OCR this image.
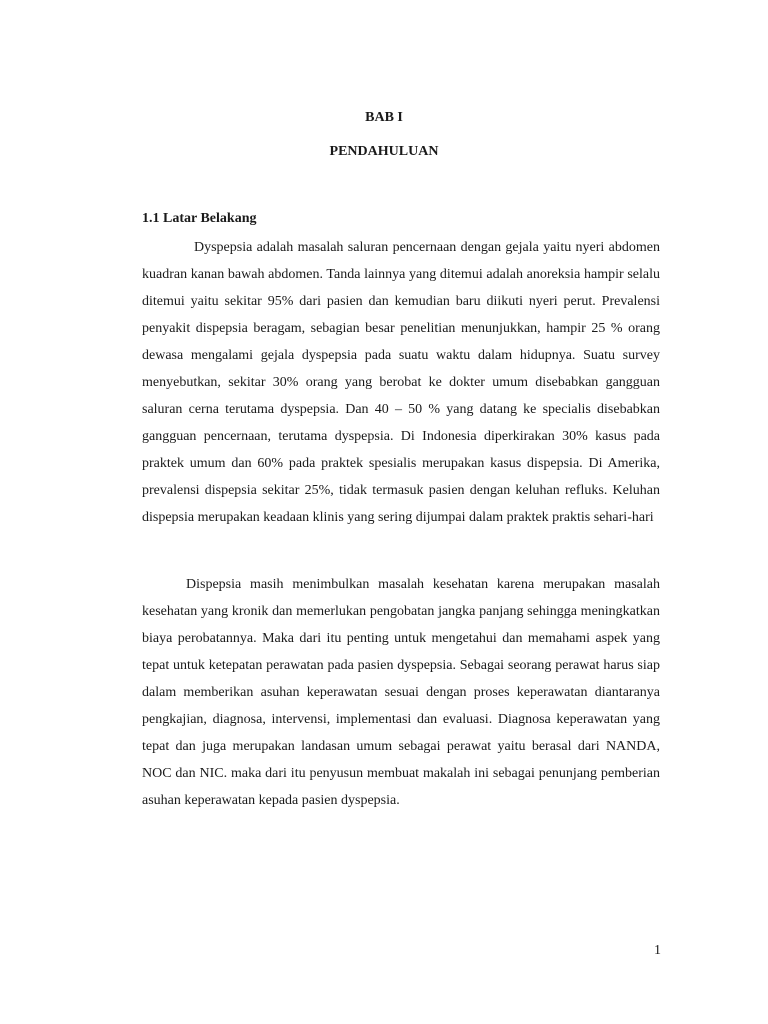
BAB I
PENDAHULUAN
1.1 Latar Belakang

Dyspepsia adalah masalah saluran pencernaan dengan gejala yaitu nyeri abdomen kuadran kanan bawah abdomen. Tanda lainnya yang ditemui adalah anoreksia hampir selalu ditemui yaitu sekitar 95% dari pasien dan kemudian baru diikuti nyeri perut. Prevalensi penyakit dispepsia beragam, sebagian besar penelitian menunjukkan, hampir 25 % orang dewasa mengalami gejala dyspepsia pada suatu waktu dalam hidupnya. Suatu survey menyebutkan, sekitar 30% orang yang berobat ke dokter umum disebabkan gangguan saluran cerna terutama dyspepsia. Dan 40 – 50 % yang datang ke specialis disebabkan gangguan pencernaan, terutama dyspepsia. Di Indonesia diperkirakan 30% kasus pada praktek umum dan 60% pada praktek spesialis merupakan kasus dispepsia. Di Amerika, prevalensi dispepsia sekitar 25%, tidak termasuk pasien dengan keluhan refluks. Keluhan dispepsia merupakan keadaan klinis yang sering dijumpai dalam praktek praktis sehari-hari

Dispepsia masih menimbulkan masalah kesehatan karena merupakan masalah kesehatan yang kronik dan memerlukan pengobatan jangka panjang sehingga meningkatkan biaya perobatannya. Maka dari itu penting untuk mengetahui dan memahami aspek yang tepat untuk ketepatan perawatan pada pasien dyspepsia. Sebagai seorang perawat harus siap dalam memberikan asuhan keperawatan sesuai dengan proses keperawatan diantaranya pengkajian, diagnosa, intervensi, implementasi dan evaluasi. Diagnosa keperawatan yang tepat dan juga merupakan landasan umum sebagai perawat yaitu berasal dari NANDA, NOC dan NIC. maka dari itu penyusun membuat makalah ini sebagai penunjang pemberian asuhan keperawatan kepada pasien dyspepsia.

1
